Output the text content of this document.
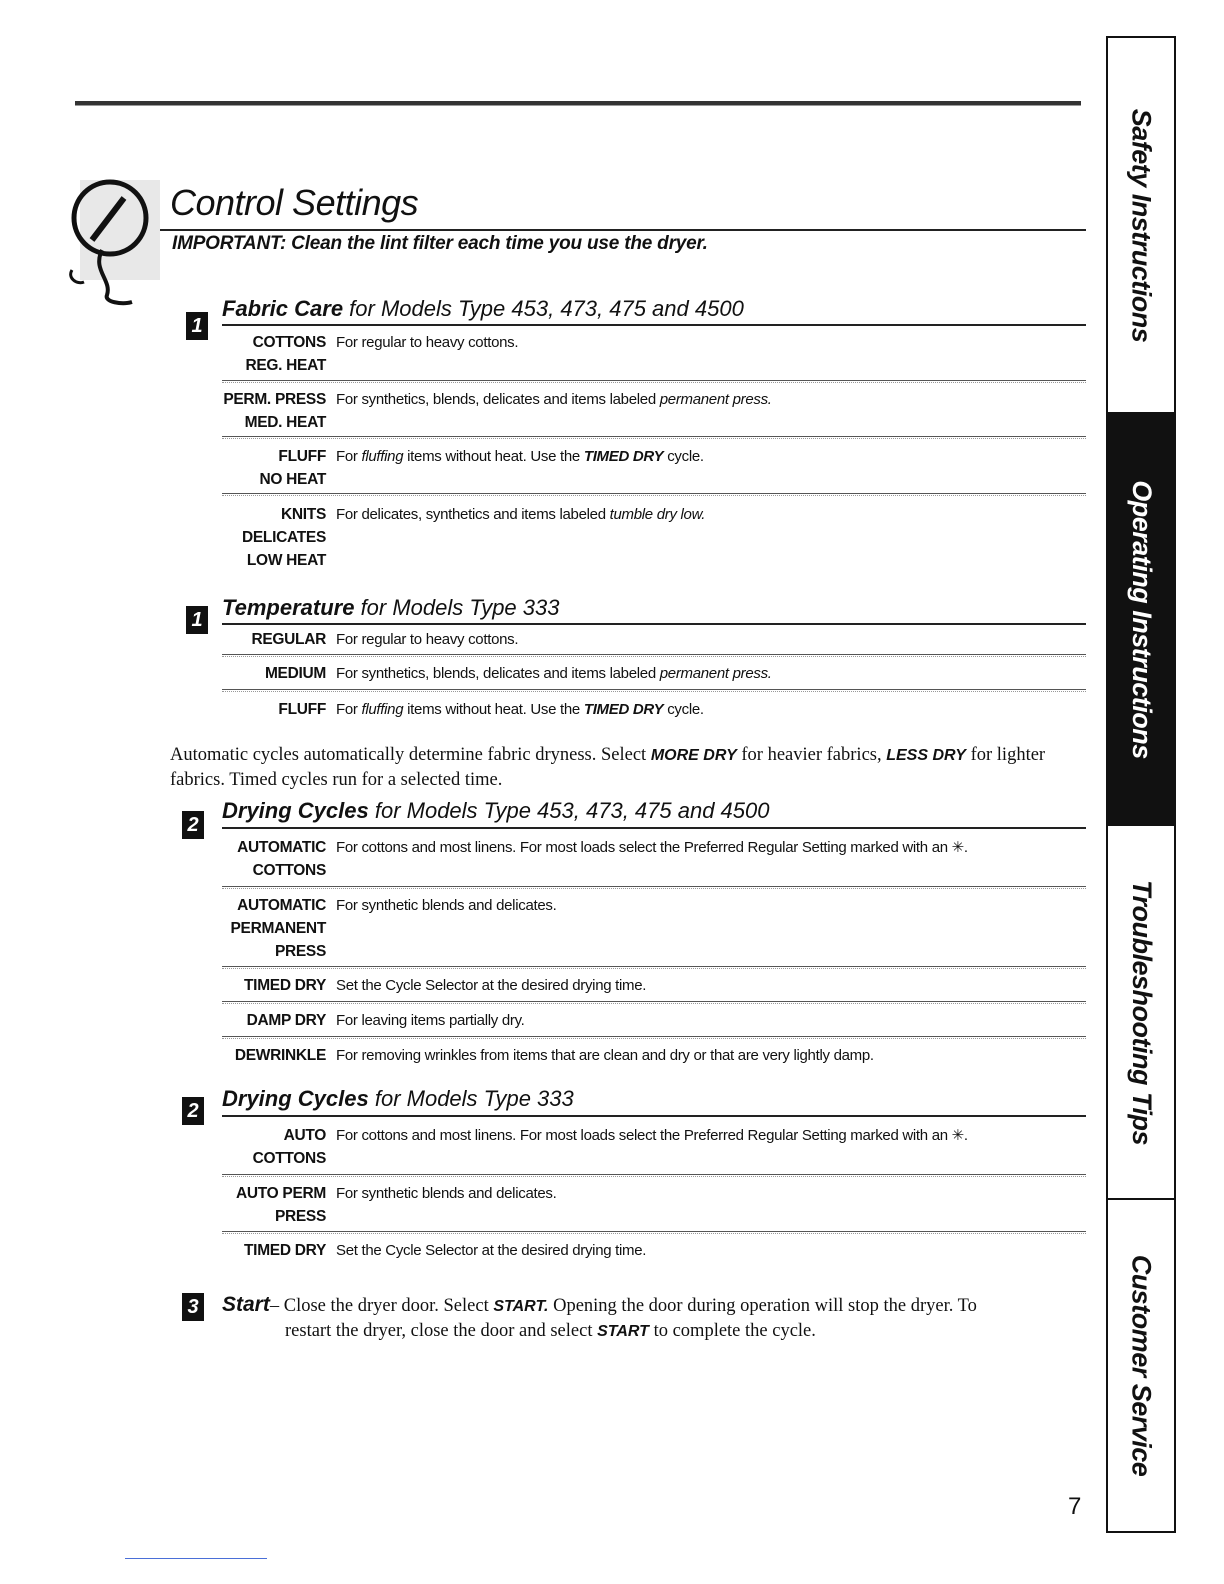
Control Settings
IMPORTANT: Clean the lint filter each time you use the dryer.
1
Fabric Care for Models Type 453, 473, 475 and 4500
COTTONS
REG. HEAT
For regular to heavy cottons.
PERM. PRESS
MED. HEAT
For synthetics, blends, delicates and items labeled permanent press.
FLUFF
NO HEAT
For fluffing items without heat. Use the TIMED DRY cycle.
KNITS
DELICATES
LOW HEAT
For delicates, synthetics and items labeled tumble dry low.
1 Temperature for Models Type 333
REGULAR For regular to heavy cottons.
MEDIUM For synthetics, blends, delicates and items labeled permanent press.
FLUFF For fluffing items without heat. Use the TIMED DRY cycle.
Automatic cycles automatically determine fabric dryness. Select MORE DRY for heavier fabrics, LESS DRY for lighter fabrics. Timed cycles run for a selected time.
2
Drying Cycles for Models Type 453, 473, 475 and 4500
AUTOMATIC
COTTONS
For cottons and most linens. For most loads select the Preferred Regular Setting marked with an ✳.
AUTOMATIC
PERMANENT
PRESS
For synthetic blends and delicates.
TIMED DRY Set the Cycle Selector at the desired drying time.
DAMP DRY For leaving items partially dry.
DEWRINKLE For removing wrinkles from items that are clean and dry or that are very lightly damp.
2 Drying Cycles for Models Type 333
AUTO
COTTONS
For cottons and most linens. For most loads select the Preferred Regular Setting marked with an ✳.
AUTO PERM
PRESS
For synthetic blends and delicates.
TIMED DRY Set the Cycle Selector at the desired drying time.
3 Start– Close the dryer door. Select START. Opening the door during operation will stop the dryer. To
restart the dryer, close the door and select START to complete the cycle.
Safety Instructions
Operating Instructions
Troubleshooting Tips
Customer Service
7
